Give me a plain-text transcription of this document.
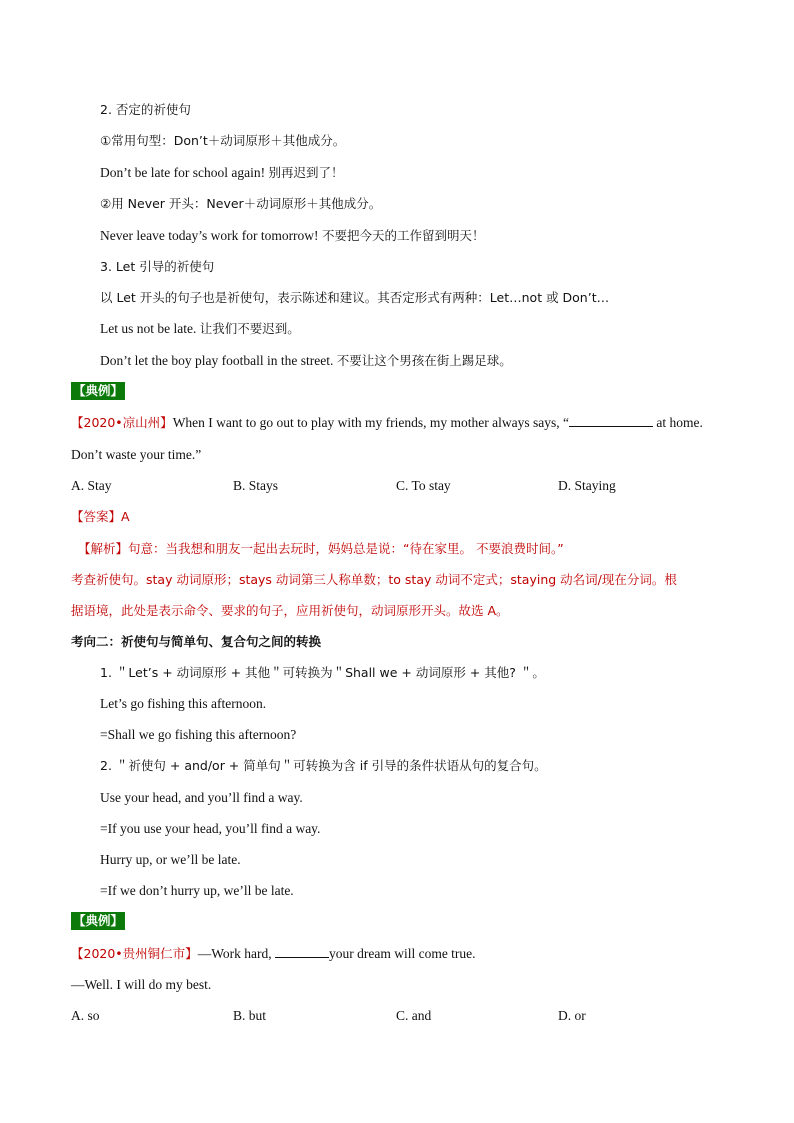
2. 否定的祈使句
①常用句型：Don’t＋动词原形＋其他成分。
Don’t be late for school again! 别再迟到了！
②用 Never 开头：Never＋动词原形＋其他成分。
Never leave today’s work for tomorrow! 不要把今天的工作留到明天！
3. Let 引导的祈使句
以 Let 开头的句子也是祈使句，表示陈述和建议。其否定形式有两种：Let…not 或 Don’t…
Let us not be late. 让我们不要迟到。
Don’t let the boy play football in the street. 不要让这个男孩在街上踢足球。
【典例】
【2020•凉山州】When I want to go out to play with my friends, my mother always says, “	at home.
Don’t waste your time.”
A. Stay	B. Stays	C. To stay	D. Staying
【答案】A
【解析】句意：当我想和朋友一起出去玩时，妈妈总是说：“待在家里。 不要浪费时间。”
考查祈使句。stay 动词原形；stays 动词第三人称单数；to stay 动词不定式；staying 动名词/现在分词。根
据语境，此处是表示命令、要求的句子，应用祈使句，动词原形开头。故选 A。
考向二：祈使句与简单句、复合句之间的转换
1. ＂Let’s + 动词原形 + 其他＂可转换为＂Shall we + 动词原形 + 其他? ＂。
Let’s go fishing this afternoon.
=Shall we go fishing this afternoon?
2. ＂祈使句 + and/or + 简单句＂可转换为含 if 引导的条件状语从句的复合句。
Use your head, and you’ll find a way.
=If you use your head, you’ll find a way.
Hurry up, or we’ll be late.
=If we don’t hurry up, we’ll be late.
【典例】
【2020•贵州铜仁市】—Work hard,	your dream will come true.
—Well. I will do my best.
A. so	B. but	C. and	D. or
